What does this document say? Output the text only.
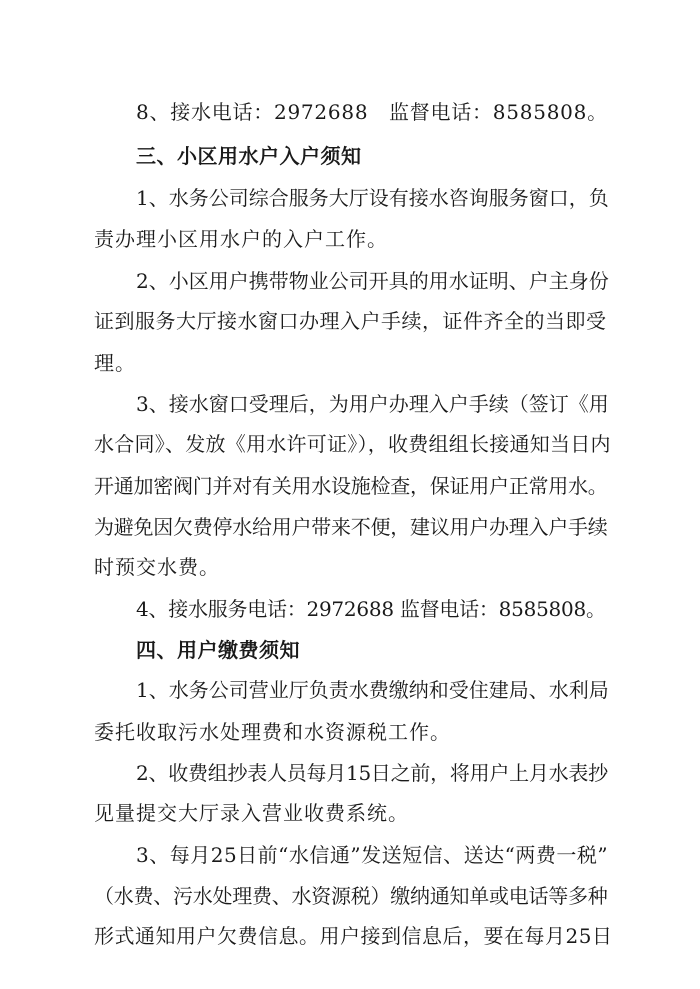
8、接水电话：2972688　监督电话：8585808。
三、小区用水户入户须知
1、水务公司综合服务大厅设有接水咨询服务窗口，负
责办理小区用水户的入户工作。
2、小区用户携带物业公司开具的用水证明、户主身份
证到服务大厅接水窗口办理入户手续，证件齐全的当即受
理。
3、接水窗口受理后，为用户办理入户手续（签订《用
水合同》、发放《用水许可证》），收费组组长接通知当日内
开通加密阀门并对有关用水设施检查，保证用户正常用水。
为避免因欠费停水给用户带来不便，建议用户办理入户手续
时预交水费。
4、接水服务电话：2972688 监督电话：8585808。
四、用户缴费须知
1、水务公司营业厅负责水费缴纳和受住建局、水利局
委托收取污水处理费和水资源税工作。
2、收费组抄表人员每月15日之前，将用户上月水表抄
见量提交大厅录入营业收费系统。
3、每月25日前“水信通”发送短信、送达“两费一税”
（水费、污水处理费、水资源税）缴纳通知单或电话等多种
形式通知用户欠费信息。用户接到信息后，要在每月25日
